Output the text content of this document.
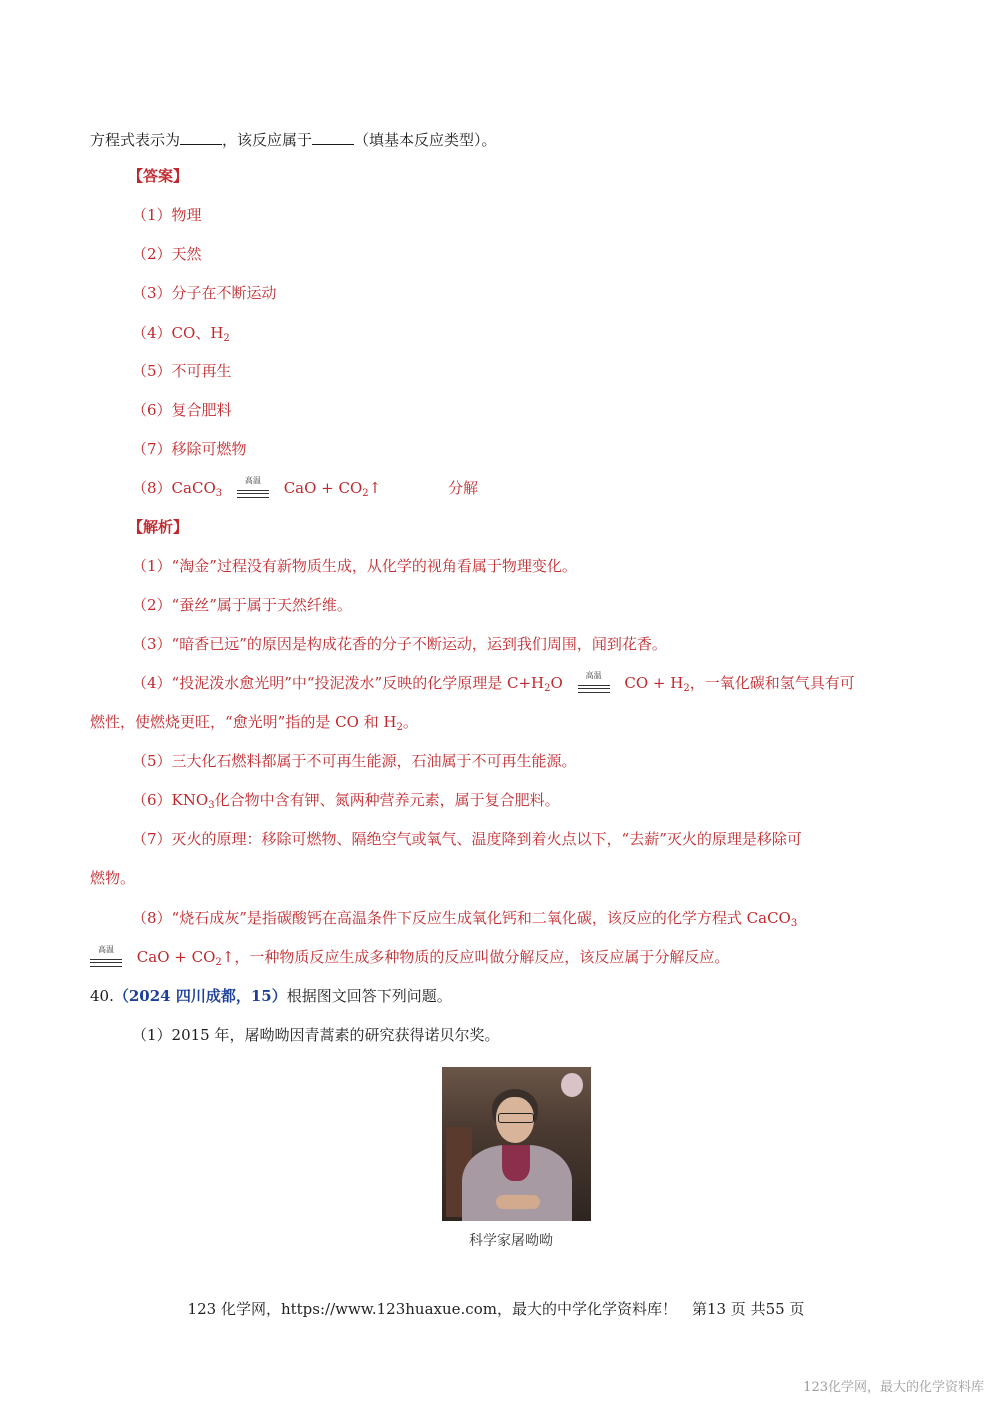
方程式表示为	，该反应属于	（填基本反应类型）。
【答案】
（1）物理
（2）天然
（3）分子在不断运动
（4）CO、$H_2$
（5）不可再生
（6）复合肥料
（7）移除可燃物
（8）CaCO$_3$
高温	CaO + $CO_2↑$	分解
【解析】
（1）“淘金”过程没有新物质生成，从化学的视角看属于物理变化。
（2）“蚕丝”属于属于天然纤维。
（3）“暗香已远”的原因是构成花香的分子不断运动，运到我们周围，闻到花香。
（4）“投泥泼水愈光明”中“投泥泼水”反映的化学原理是 $C+H_2O$	高温	CO + $H_2$，一氧化碳和氢气具有可
燃性，使燃烧更旺，“愈光明”指的是 CO 和 $H_2$。
（5）三大化石燃料都属于不可再生能源，石油属于不可再生能源。
$(6)KNO_3$化合物中含有钾、氮两种营养元素，属于复合肥料。
（7）灭火的原理：移除可燃物、隔绝空气或氧气、温度降到着火点以下，“去薪”灭火的原理是移除可
燃物。
（8）“烧石成灰”是指碳酸钙在高温条件下反应生成氧化钙和二氧化碳，该反应的化学方程式 CaCO$_3$
高温	CaO + $CO_2↑$，一种物质反应生成多种物质的反应叫做分解反应，该反应属于分解反应。
40.（2024 四川成都，15）根据图文回答下列问题。
（1）2015 年，屠呦呦因青蒿素的研究获得诺贝尔奖。
科学家屠呦呦
123 化学网，https://www.123huaxue.com，最大的中学化学资料库！　第13 页 共55 页
123化学网，最大的化学资料库
